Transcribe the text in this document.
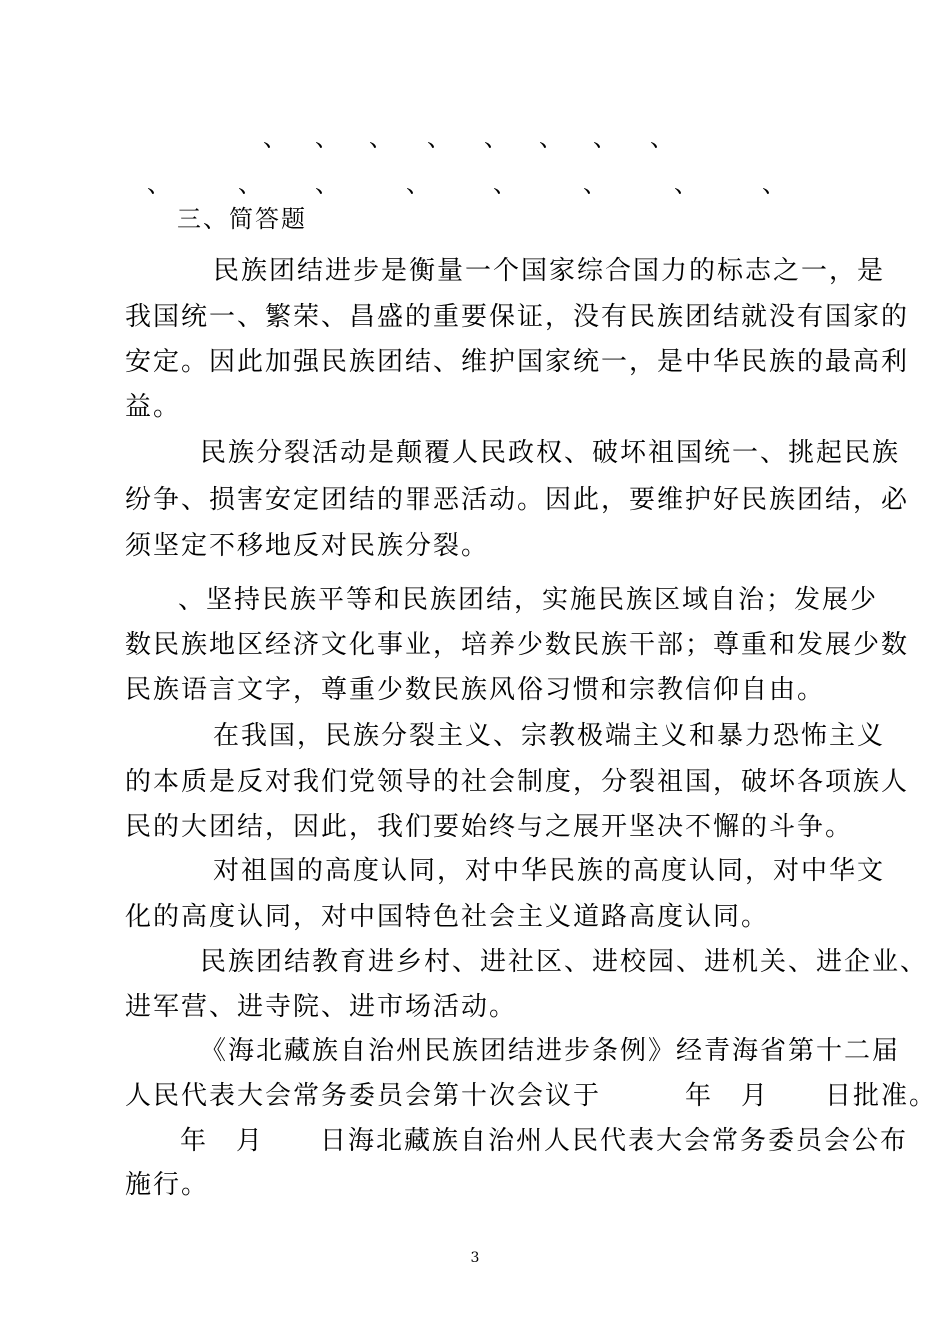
、 、 、 、 、 、 、 、
、	、 、	、	、	、	、	、
三、简答题
民族团结进步是衡量一个国家综合国力的标志之一，是
我国统一、繁荣、昌盛的重要保证，没有民族团结就没有国家的
安定。因此加强民族团结、维护国家统一，是中华民族的最高利
益。
民族分裂活动是颠覆人民政权、破坏祖国统一、挑起民族
纷争、损害安定团结的罪恶活动。因此，要维护好民族团结，必
须坚定不移地反对民族分裂。
、坚持民族平等和民族团结，实施民族区域自治；发展少
数民族地区经济文化事业，培养少数民族干部；尊重和发展少数
民族语言文字，尊重少数民族风俗习惯和宗教信仰自由。
在我国，民族分裂主义、宗教极端主义和暴力恐怖主义
的本质是反对我们党领导的社会制度，分裂祖国，破坏各项族人
民的大团结，因此，我们要始终与之展开坚决不懈的斗争。
对祖国的高度认同，对中华民族的高度认同，对中华文
化的高度认同，对中国特色社会主义道路高度认同。
民族团结教育进乡村、进社区、进校园、进机关、进企业、
进军营、进寺院、进市场活动。
《海北藏族自治州民族团结进步条例》经青海省第十二届
人民代表大会常务委员会第十次会议于　　　年　月　　日批准。
年　月　　日海北藏族自治州人民代表大会常务委员会公布
施行。
3
